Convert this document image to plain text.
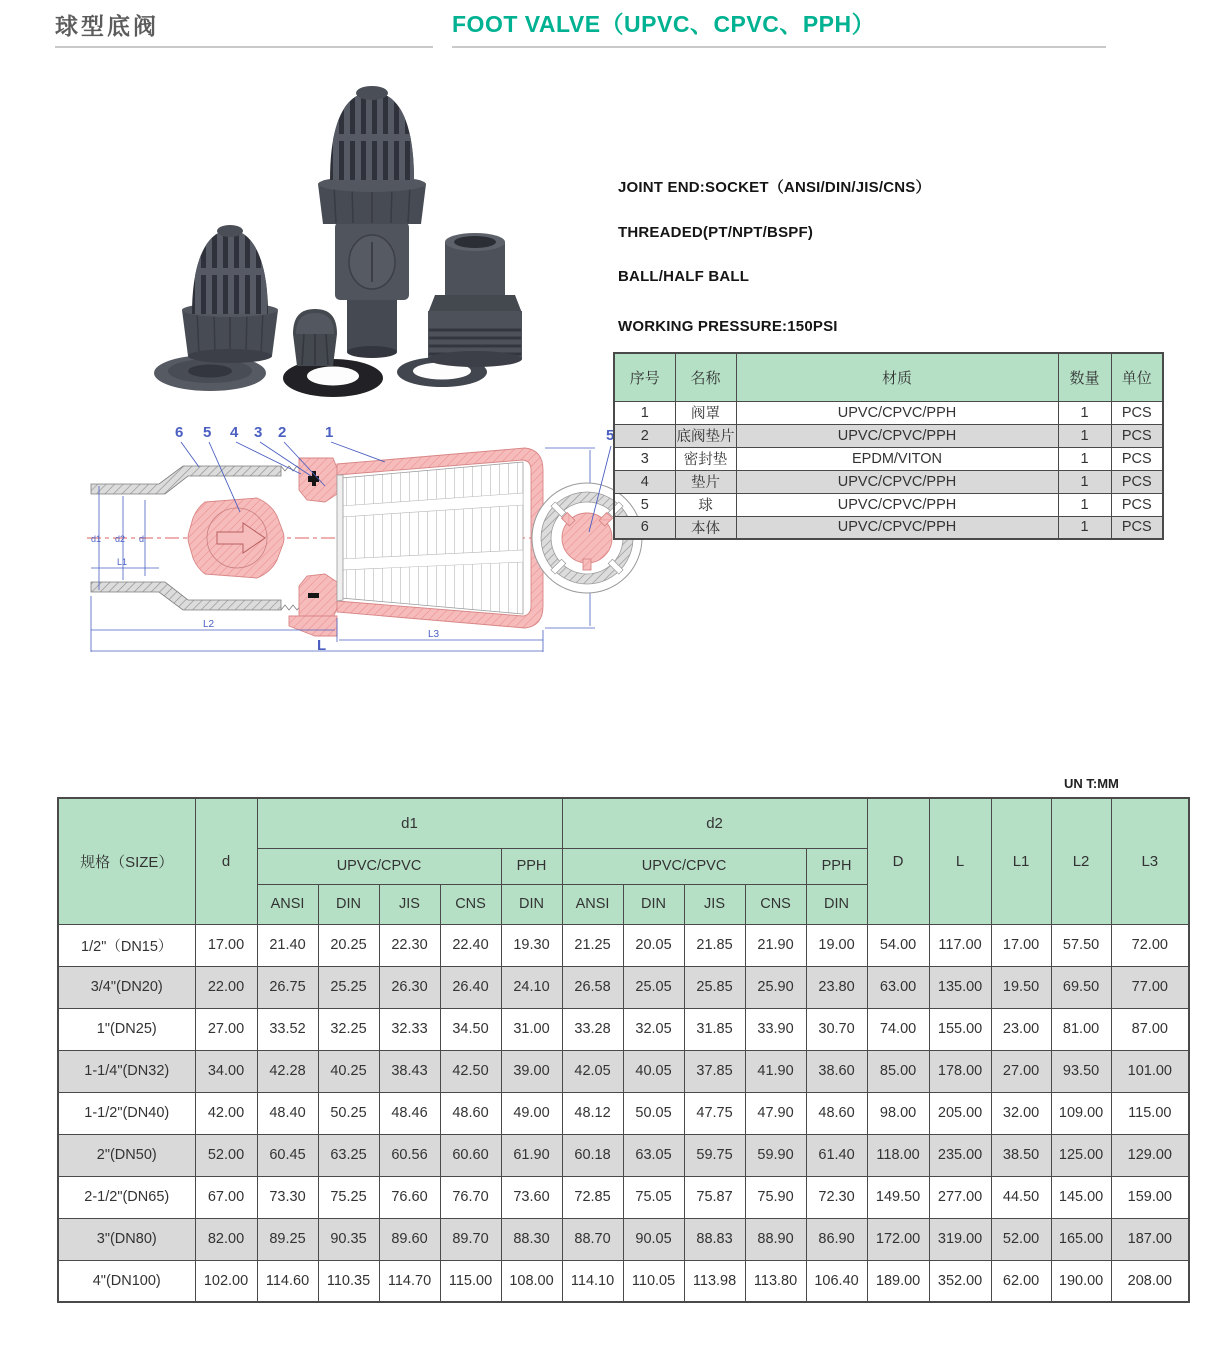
球型底阀	FOOT VALVE（UPVC、CPVC、PPH）
6 5 4 3 2	1
d1 d2 d
L1
L2
L3
L
5
JOINT END:SOCKET（ANSI/DIN/JIS/CNS）
THREADED(PT/NPT/BSPF)
BALL/HALF BALL
WORKING PRESSURE:150PSI
序号	名称	材质	数量	单位
1	阀罩	UPVC/CPVC/PPH	1	PCS
2	底阀垫片	UPVC/CPVC/PPH	1	PCS
3	密封垫	EPDM/VITON	1	PCS
4	垫片	UPVC/CPVC/PPH	1	PCS
5	球	UPVC/CPVC/PPH	1	PCS
6	本体	UPVC/CPVC/PPH	1	PCS
UN T:MM
规格（SIZE）	d	d1					d2					D	L	L1	L2	L3
		UPVC/CPVC				PPH	UPVC/CPVC				PPH					
		ANSI	DIN	JIS	CNS	DIN	ANSI	DIN	JIS	CNS	DIN					
1/2"（DN15）	17.00	21.40	20.25	22.30	22.40	19.30	21.25	20.05	21.85	21.90	19.00	54.00	117.00	17.00	57.50	72.00
3/4"(DN20)	22.00	26.75	25.25	26.30	26.40	24.10	26.58	25.05	25.85	25.90	23.80	63.00	135.00	19.50	69.50	77.00
1"(DN25)	27.00	33.52	32.25	32.33	34.50	31.00	33.28	32.05	31.85	33.90	30.70	74.00	155.00	23.00	81.00	87.00
1-1/4"(DN32)	34.00	42.28	40.25	38.43	42.50	39.00	42.05	40.05	37.85	41.90	38.60	85.00	178.00	27.00	93.50	101.00
1-1/2"(DN40)	42.00	48.40	50.25	48.46	48.60	49.00	48.12	50.05	47.75	47.90	48.60	98.00	205.00	32.00	109.00	115.00
2"(DN50)	52.00	60.45	63.25	60.56	60.60	61.90	60.18	63.05	59.75	59.90	61.40	118.00	235.00	38.50	125.00	129.00
2-1/2"(DN65)	67.00	73.30	75.25	76.60	76.70	73.60	72.85	75.05	75.87	75.90	72.30	149.50	277.00	44.50	145.00	159.00
3"(DN80)	82.00	89.25	90.35	89.60	89.70	88.30	88.70	90.05	88.83	88.90	86.90	172.00	319.00	52.00	165.00	187.00
4"(DN100)	102.00	114.60	110.35	114.70	115.00	108.00	114.10	110.05	113.98	113.80	106.40	189.00	352.00	62.00	190.00	208.00
